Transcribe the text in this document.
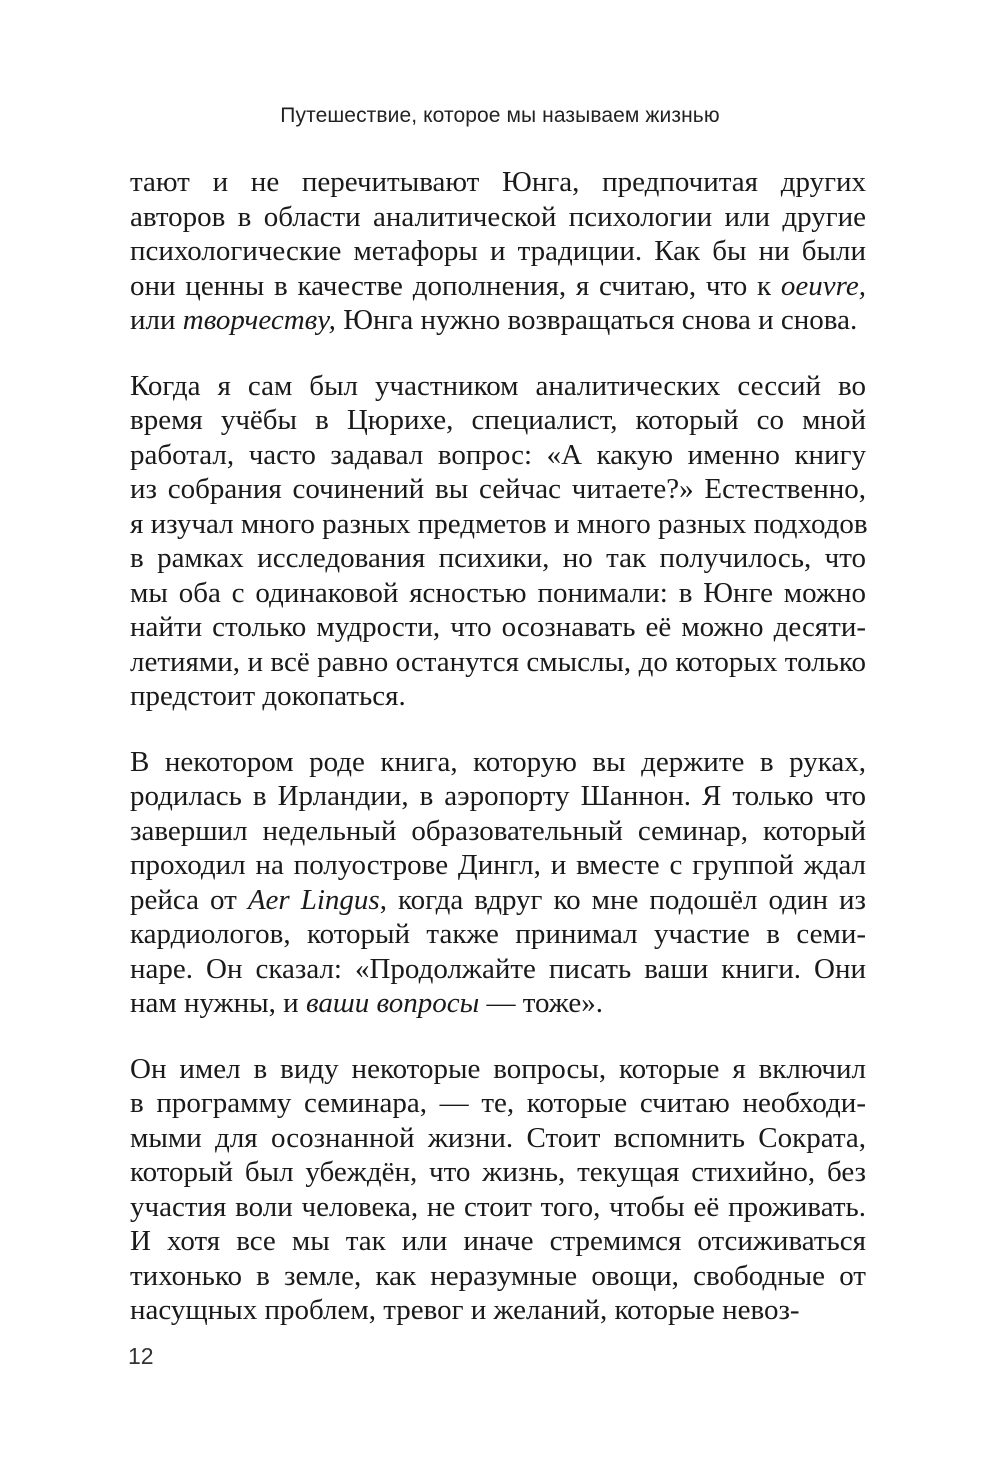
Путешествие, которое мы называем жизнью
тают и не перечитывают Юнга, предпочитая других
авторов в области аналитической психологии или другие
психологические метафоры и традиции. Как бы ни были
они ценны в качестве дополнения, я считаю, что к oeuvre,
или творчеству, Юнга нужно возвращаться снова и снова.
Когда я сам был участником аналитических сессий во
время учёбы в Цюрихе, специалист, который со мной
работал, часто задавал вопрос: «А какую именно книгу
из собрания сочинений вы сейчас читаете?» Естественно,
я изучал много разных предметов и много разных подходов
в рамках исследования психики, но так получилось, что
мы оба с одинаковой ясностью понимали: в Юнге можно
найти столько мудрости, что осознавать её можно десяти-
летиями, и всё равно останутся смыслы, до которых только
предстоит докопаться.
В некотором роде книга, которую вы держите в руках,
родилась в Ирландии, в аэропорту Шаннон. Я только что
завершил недельный образовательный семинар, который
проходил на полуострове Дингл, и вместе с группой ждал
рейса от Aer Lingus, когда вдруг ко мне подошёл один из
кардиологов, который также принимал участие в семи-
наре. Он сказал: «Продолжайте писать ваши книги. Они
нам нужны, и ваши вопросы — тоже».
Он имел в виду некоторые вопросы, которые я включил
в программу семинара, — те, которые считаю необходи-
мыми для осознанной жизни. Стоит вспомнить Сократа,
который был убеждён, что жизнь, текущая стихийно, без
участия воли человека, не стоит того, чтобы её проживать.
И хотя все мы так или иначе стремимся отсиживаться
тихонько в земле, как неразумные овощи, свободные от
насущных проблем, тревог и желаний, которые невоз-
12
